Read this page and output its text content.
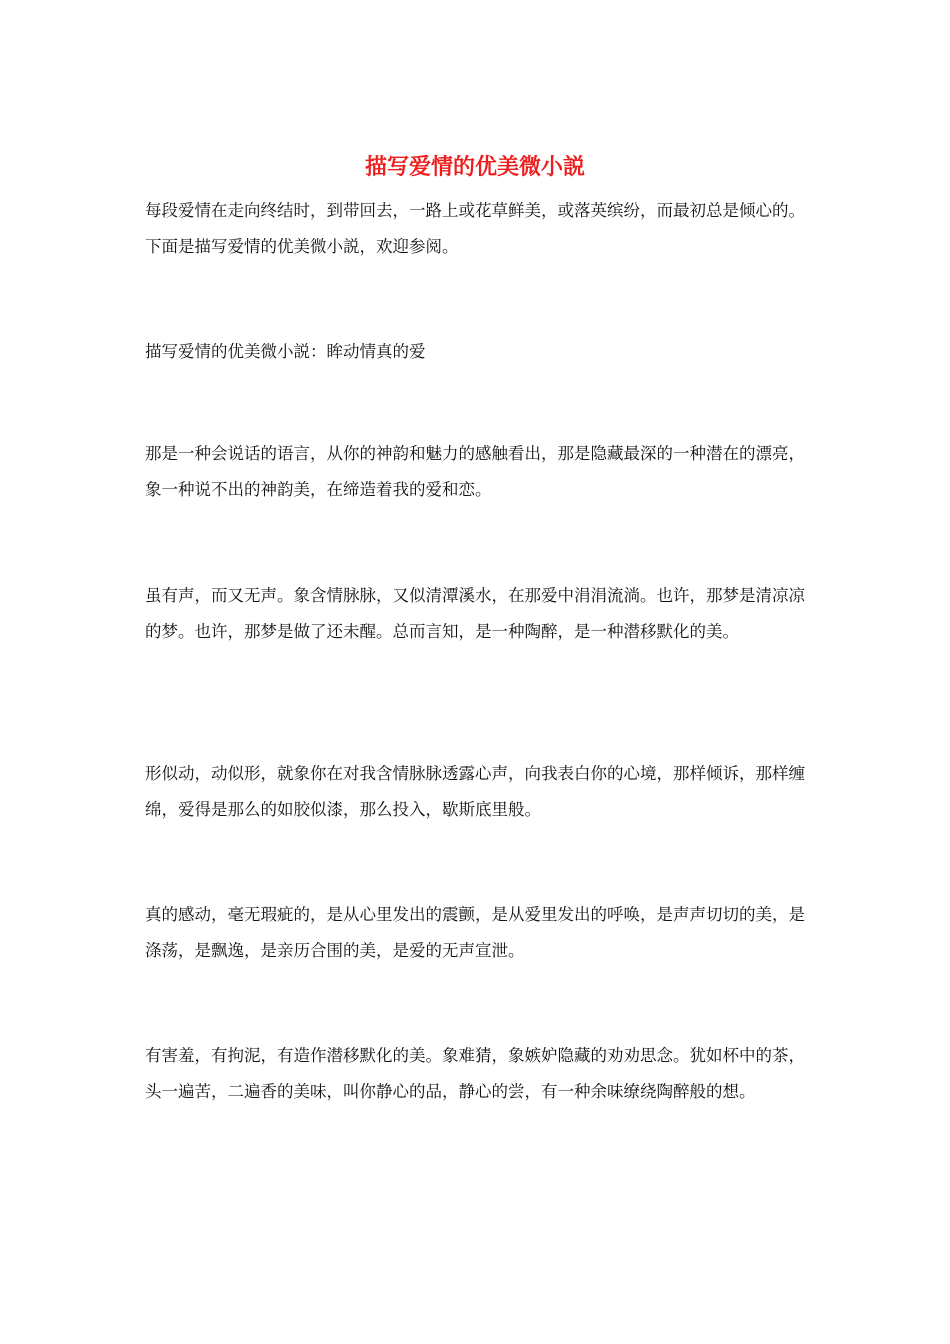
描写爱情的优美微小説

每段爱情在走向终结时，到带回去，一路上或花草鲜美，或落英缤纷，而最初总是倾心的。下面是描写爱情的优美微小説，欢迎参阅。

描写爱情的优美微小説：眸动情真的爱

那是一种会说话的语言，从你的神韵和魅力的感触看出，那是隐藏最深的一种潜在的漂亮，象一种说不出的神韵美，在缔造着我的爱和恋。

虽有声，而又无声。象含情脉脉，又似清潭溪水，在那爱中涓涓流淌。也许，那梦是清凉凉的梦。也许，那梦是做了还未醒。总而言知，是一种陶醉，是一种潜移默化的美。

形似动，动似形，就象你在对我含情脉脉透露心声，向我表白你的心境，那样倾诉，那样缠绵，爱得是那么的如胶似漆，那么投入，歇斯底里般。

真的感动，毫无瑕疵的，是从心里发出的震颤，是从爱里发出的呼唤，是声声切切的美，是涤荡，是飘逸，是亲历合围的美，是爱的无声宣泄。

有害羞，有拘泥，有造作潜移默化的美。象难猜，象嫉妒隐藏的劝劝思念。犹如杯中的茶，头一遍苦，二遍香的美味，叫你静心的品，静心的尝，有一种余味缭绕陶醉般的想。
